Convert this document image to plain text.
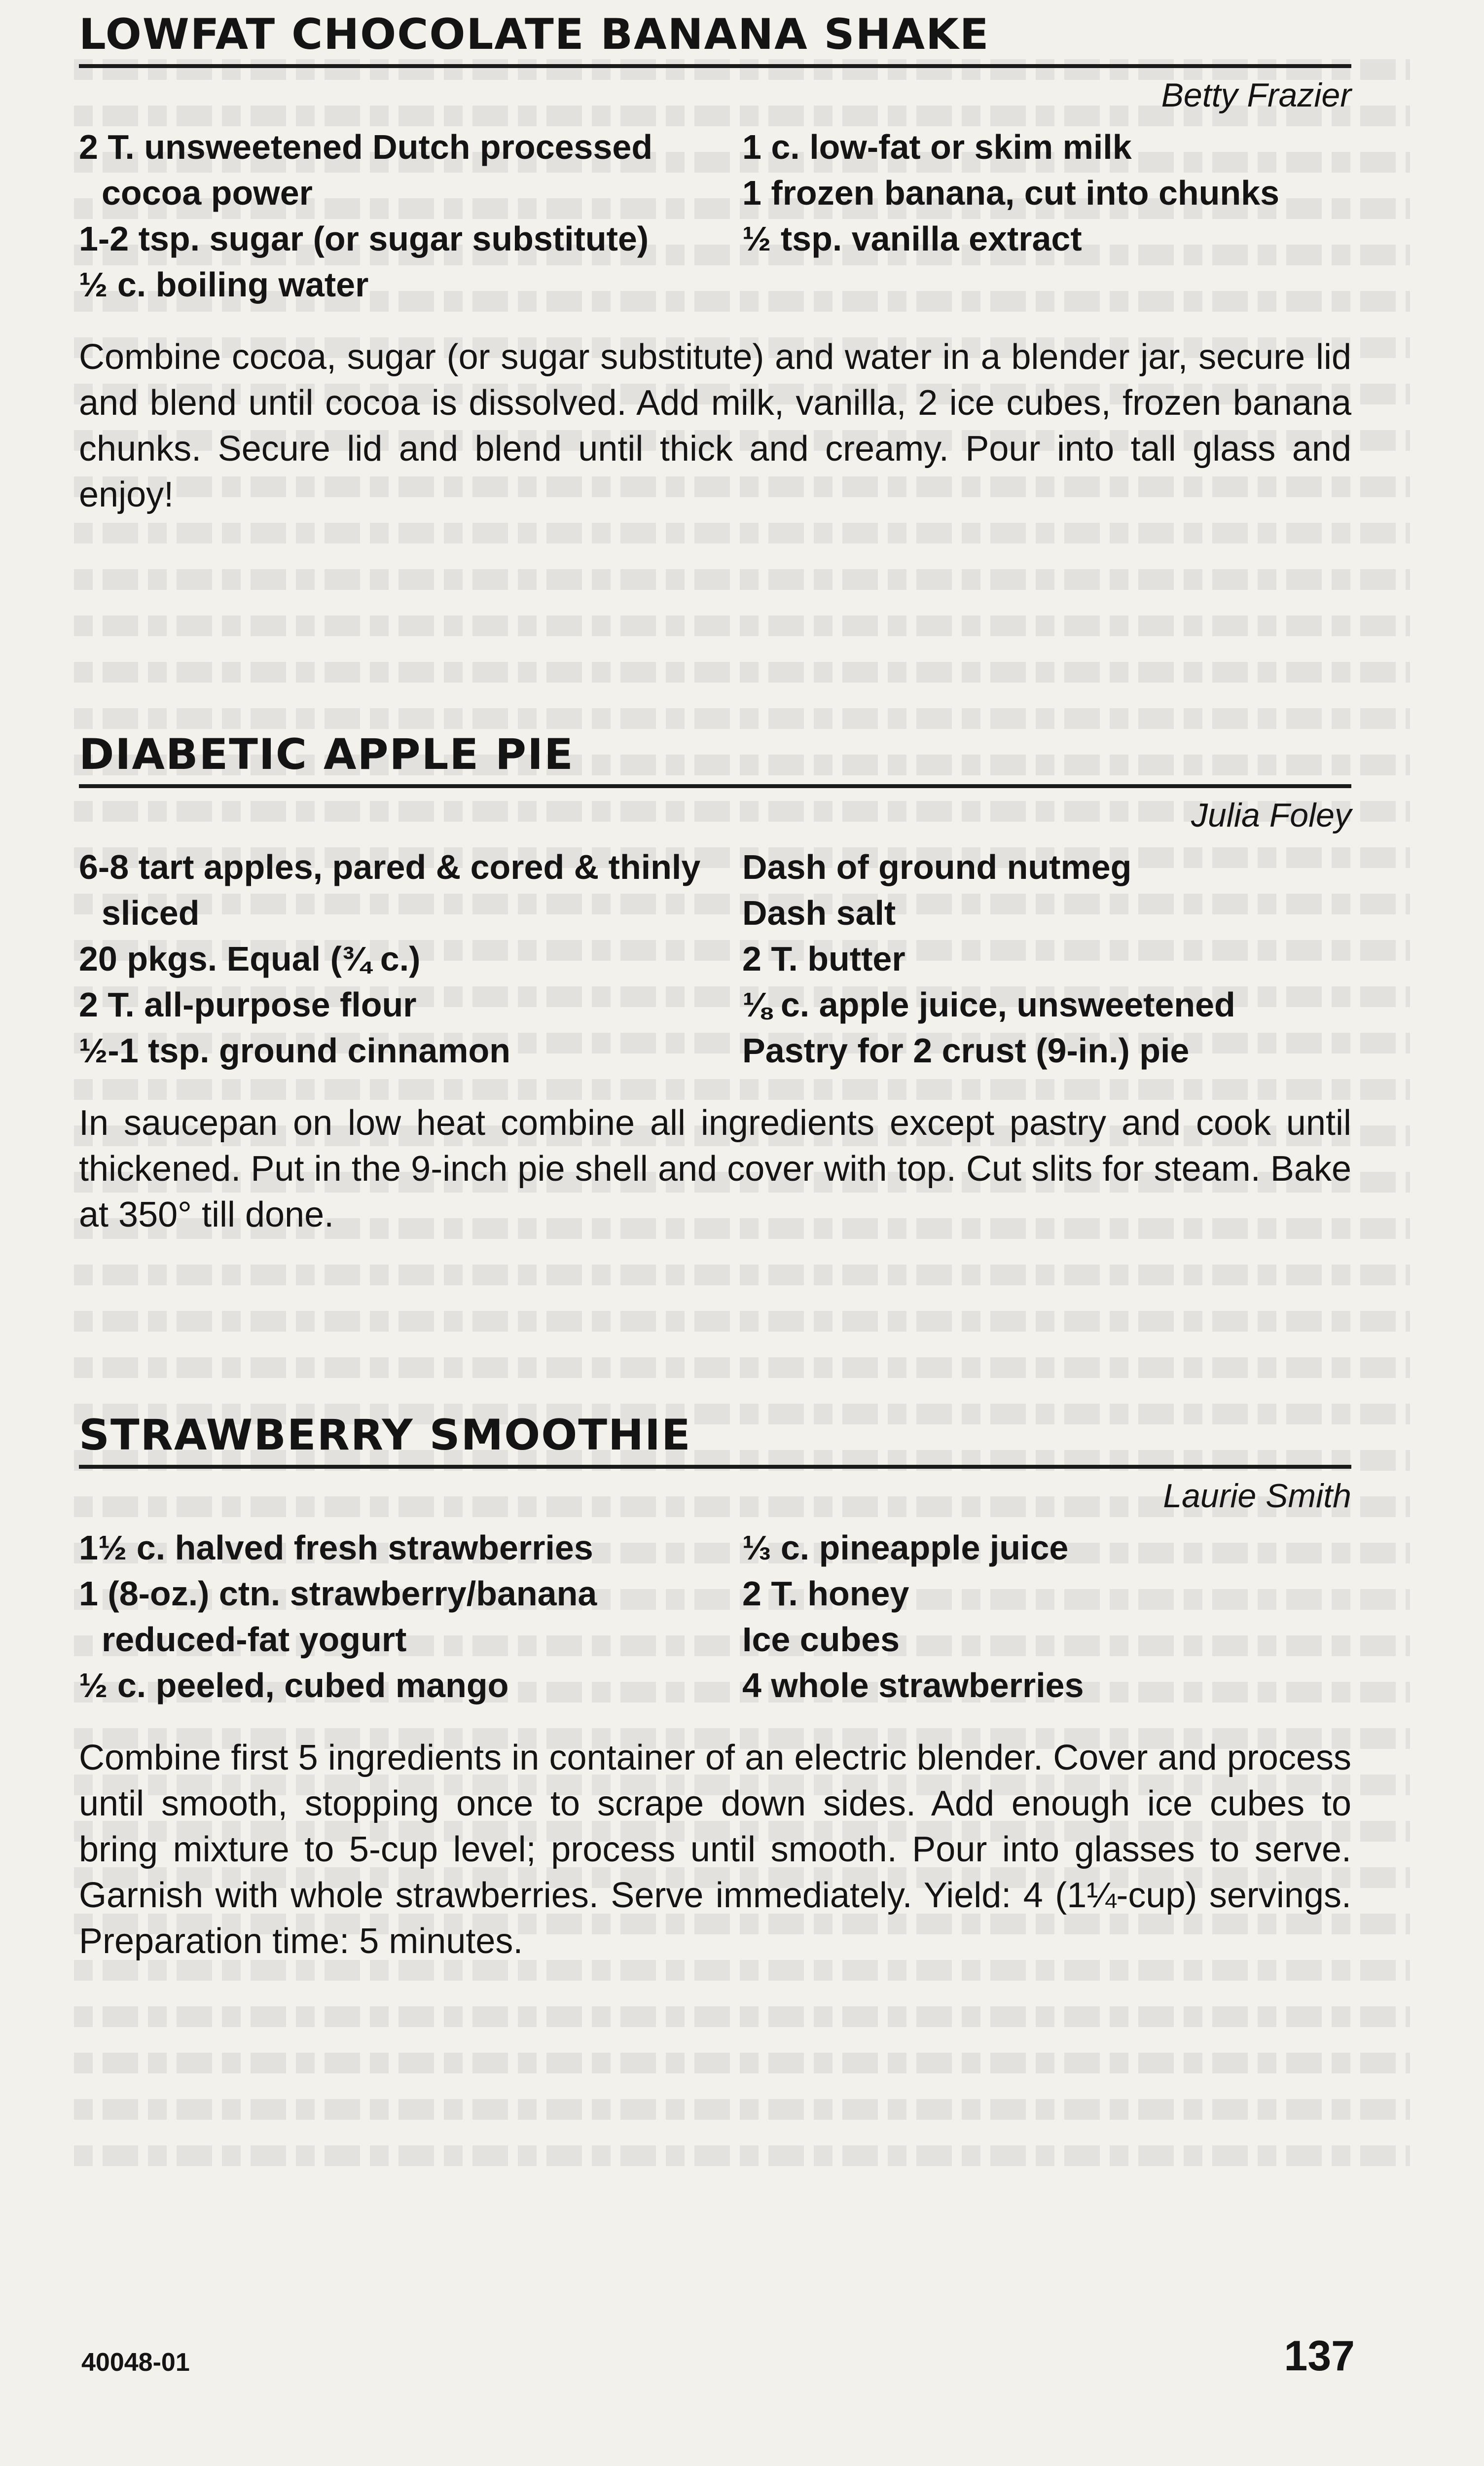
LOWFAT CHOCOLATE BANANA SHAKE
Betty Frazier
2 T. unsweetened Dutch processed cocoa power
1-2 tsp. sugar (or sugar substitute)
½ c. boiling water
1 c. low-fat or skim milk
1 frozen banana, cut into chunks
½ tsp. vanilla extract

Combine cocoa, sugar (or sugar substitute) and water in a blender jar, secure lid and blend until cocoa is dissolved. Add milk, vanilla, 2 ice cubes, frozen banana chunks. Secure lid and blend until thick and creamy. Pour into tall glass and enjoy!

DIABETIC APPLE PIE
Julia Foley
6-8 tart apples, pared & cored & thinly sliced
20 pkgs. Equal (¾ c.)
2 T. all-purpose flour
½-1 tsp. ground cinnamon
Dash of ground nutmeg
Dash salt
2 T. butter
⅛ c. apple juice, unsweetened
Pastry for 2 crust (9-in.) pie

In saucepan on low heat combine all ingredients except pastry and cook until thickened. Put in the 9-inch pie shell and cover with top. Cut slits for steam. Bake at 350° till done.

STRAWBERRY SMOOTHIE
Laurie Smith
1½ c. halved fresh strawberries
1 (8-oz.) ctn. strawberry/banana reduced-fat yogurt
½ c. peeled, cubed mango
⅓ c. pineapple juice
2 T. honey
Ice cubes
4 whole strawberries

Combine first 5 ingredients in container of an electric blender. Cover and process until smooth, stopping once to scrape down sides. Add enough ice cubes to bring mixture to 5-cup level; process until smooth. Pour into glasses to serve. Garnish with whole strawberries. Serve immediately. Yield: 4 (1¼-cup) servings. Preparation time: 5 minutes.

40048-01	137
